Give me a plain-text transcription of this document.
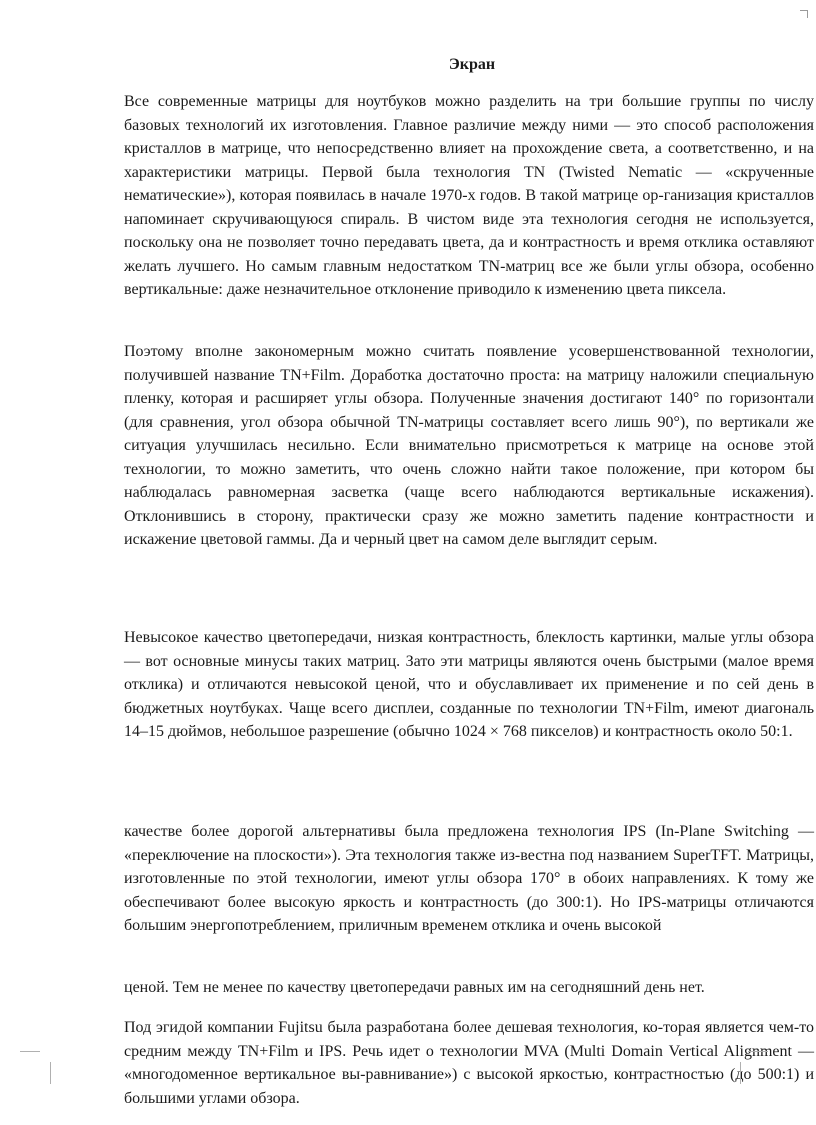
Экран

Все современные матрицы для ноутбуков можно разделить на три большие группы по числу базовых технологий их изготовления. Главное различие между ними — это способ расположения кристаллов в матрице, что непосредственно влияет на прохождение света, а соответственно, и на характеристики матрицы. Первой была технология TN (Twisted Nematic — «скрученные нематические»), которая появилась в начале 1970-х годов. В такой матрице ор-ганизация кристаллов напоминает скручивающуюся спираль. В чистом виде эта технология сегодня не используется, поскольку она не позволяет точно передавать цвета, да и контрастность и время отклика оставляют желать лучшего. Но самым главным недостатком TN-матриц все же были углы обзора, особенно вертикальные: даже незначительное отклонение приводило к изменению цвета пиксела.

Поэтому вполне закономерным можно считать появление усовершенствованной технологии, получившей название TN+Film. Доработка достаточно проста: на матрицу наложили специальную пленку, которая и расширяет углы обзора. Полученные значения достигают 140° по горизонтали (для сравнения, угол обзора обычной TN-матрицы составляет всего лишь 90°), по вертикали же ситуация улучшилась несильно. Если внимательно присмотреться к матрице на основе этой технологии, то можно заметить, что очень сложно найти такое положение, при котором бы наблюдалась равномерная засветка (чаще всего наблюдаются вертикальные искажения). Отклонившись в сторону, практически сразу же можно заметить падение контрастности и искажение цветовой гаммы. Да и черный цвет на самом деле выглядит серым.

Невысокое качество цветопередачи, низкая контрастность, блеклость картинки, малые углы обзора — вот основные минусы таких матриц. Зато эти матрицы являются очень быстрыми (малое время отклика) и отличаются невысокой ценой, что и обуславливает их применение и по сей день в бюджетных ноутбуках. Чаще всего дисплеи, созданные по технологии TN+Film, имеют диагональ 14–15 дюймов, небольшое разрешение (обычно 1024 × 768 пикселов) и контрастность около 50:1.

качестве более дорогой альтернативы была предложена технология IPS (In-Plane Switching — «переключение на плоскости»). Эта технология также из-вестна под названием SuperTFT. Матрицы, изготовленные по этой технологии, имеют углы обзора 170° в обоих направлениях. К тому же обеспечивают более высокую яркость и контрастность (до 300:1). Но IPS-матрицы отличаются большим энергопотреблением, приличным временем отклика и очень высокой

ценой. Тем не менее по качеству цветопередачи равных им на сегодняшний день нет.

Под эгидой компании Fujitsu была разработана более дешевая технология, ко-торая является чем-то средним между TN+Film и IPS. Речь идет о технологии MVA (Multi Domain Vertical Alignment — «многодоменное вертикальное вы-равнивание») с высокой яркостью, контрастностью (до 500:1) и большими углами обзора.
